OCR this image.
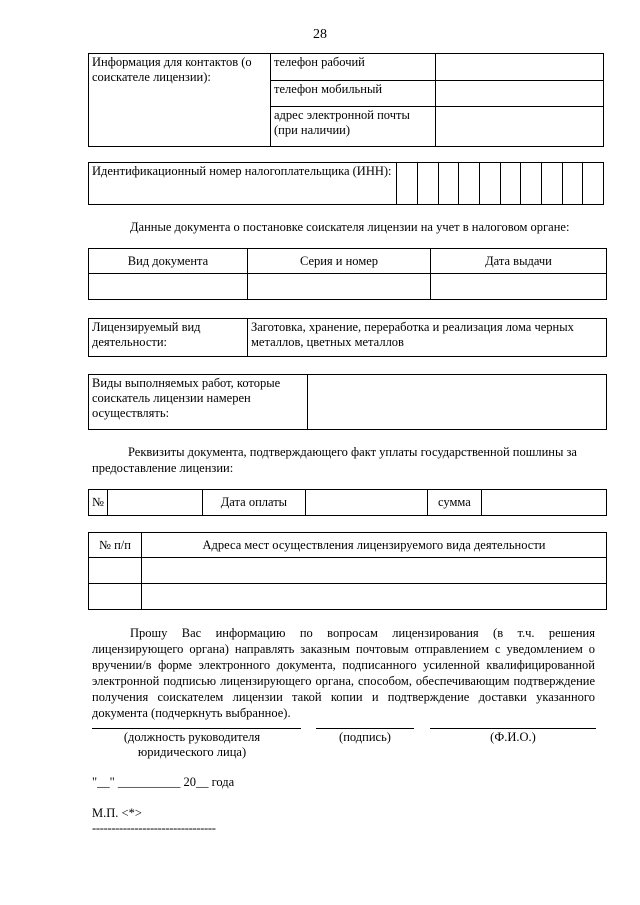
28
Информация для контактов (о соискателе лицензии):	телефон рабочий	
	телефон мобильный	
	адрес электронной почты (при наличии)	
Идентификационный номер налогоплательщика (ИНН):										
Данные документа о постановке соискателя лицензии на учет в налоговом органе:
Вид документа	Серия и номер	Дата выдачи

Лицензируемый вид деятельности:	Заготовка, хранение, переработка и реализация лома черных металлов, цветных металлов
Виды выполняемых работ, которые соискатель лицензии намерен осуществлять:	
Реквизиты документа, подтверждающего факт уплаты государственной пошлины за предоставление лицензии:
№		Дата оплаты		сумма	
№ п/п	Адреса мест осуществления лицензируемого вида деятельности

Прошу Вас информацию по вопросам лицензирования (в т.ч. решения лицензирующего органа) направлять заказным почтовым отправлением с уведомлением о вручении/в форме электронного документа, подписанного усиленной квалифицированной электронной подписью лицензирующего органа, способом, обеспечивающим подтверждение получения соискателем лицензии такой копии и подтверждение доставки указанного документа (подчеркнуть выбранное).
(должность руководителя юридического лица)
(подпись)	(Ф.И.О.)
"__" __________ 20__ года
М.П. <*>
--------------------------------
